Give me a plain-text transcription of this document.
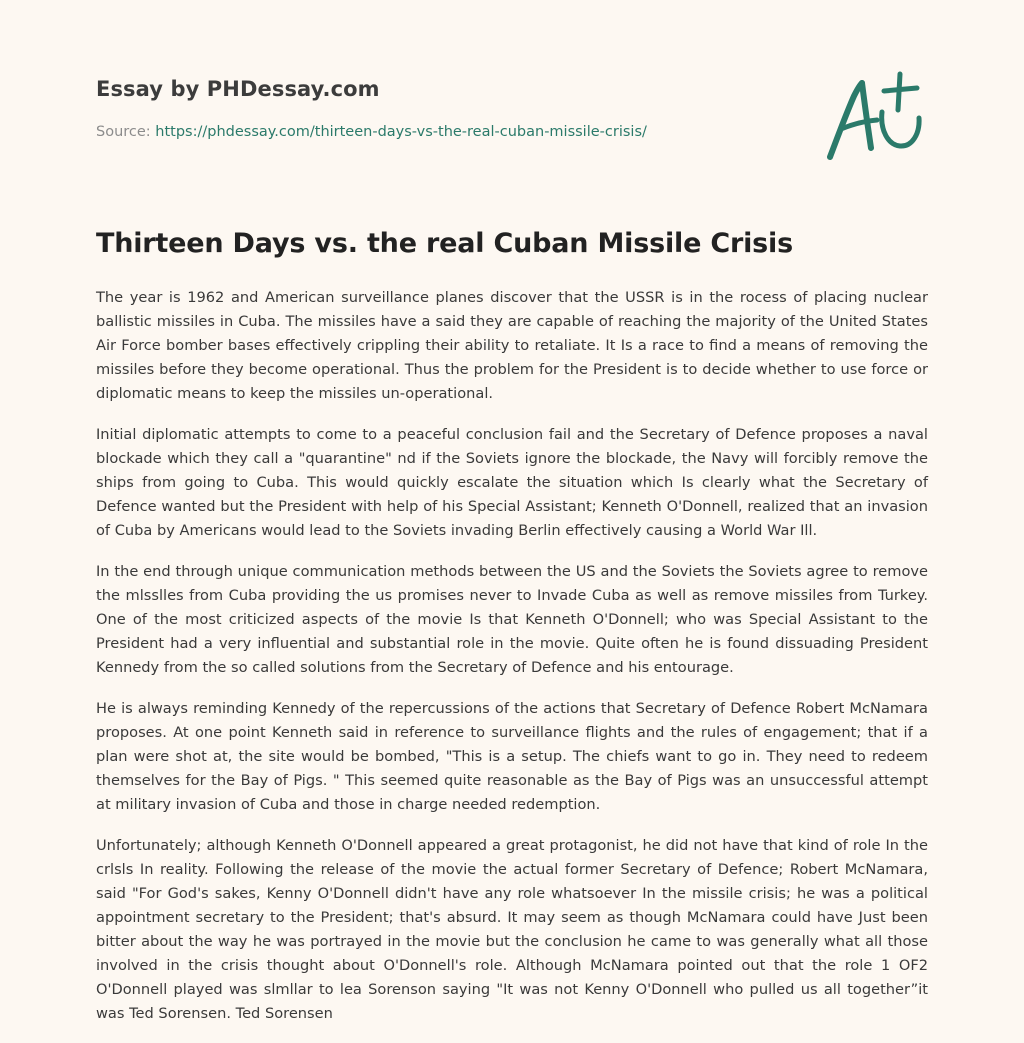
Essay by PHDessay.com
Source: https://phdessay.com/thirteen-days-vs-the-real-cuban-missile-crisis/
Thirteen Days vs. the real Cuban Missile Crisis

The year is 1962 and American surveillance planes discover that the USSR is in the rocess of placing nuclear ballistic missiles in Cuba. The missiles have a said they are capable of reaching the majority of the United States Air Force bomber bases effectively crippling their ability to retaliate. It Is a race to find a means of removing the missiles before they become operational. Thus the problem for the President is to decide whether to use force or diplomatic means to keep the missiles un-operational.

Initial diplomatic attempts to come to a peaceful conclusion fail and the Secretary of Defence proposes a naval blockade which they call a "quarantine" nd if the Soviets ignore the blockade, the Navy will forcibly remove the ships from going to Cuba. This would quickly escalate the situation which Is clearly what the Secretary of Defence wanted but the President with help of his Special Assistant; Kenneth O'Donnell, realized that an invasion of Cuba by Americans would lead to the Soviets invading Berlin effectively causing a World War Ill.

In the end through unique communication methods between the US and the Soviets the Soviets agree to remove the mlsslles from Cuba providing the us promises never to Invade Cuba as well as remove missiles from Turkey. One of the most criticized aspects of the movie Is that Kenneth O'Donnell; who was Special Assistant to the President had a very influential and substantial role in the movie. Quite often he is found dissuading President Kennedy from the so called solutions from the Secretary of Defence and his entourage.

He is always reminding Kennedy of the repercussions of the actions that Secretary of Defence Robert McNamara proposes. At one point Kenneth said in reference to surveillance flights and the rules of engagement; that if a plan were shot at, the site would be bombed, "This is a setup. The chiefs want to go in. They need to redeem themselves for the Bay of Pigs. " This seemed quite reasonable as the Bay of Pigs was an unsuccessful attempt at military invasion of Cuba and those in charge needed redemption.

Unfortunately; although Kenneth O'Donnell appeared a great protagonist, he did not have that kind of role In the crlsls In reality. Following the release of the movie the actual former Secretary of Defence; Robert McNamara, said "For God's sakes, Kenny O'Donnell didn't have any role whatsoever In the missile crisis; he was a political appointment secretary to the President; that's absurd. It may seem as though McNamara could have Just been bitter about the way he was portrayed in the movie but the conclusion he came to was generally what all those involved in the crisis thought about O'Donnell's role. Although McNamara pointed out that the role 1 OF2 O'Donnell played was slmllar to lea Sorenson saying "It was not Kenny O'Donnell who pulled us all together”it was Ted Sorensen. Ted Sorensen
